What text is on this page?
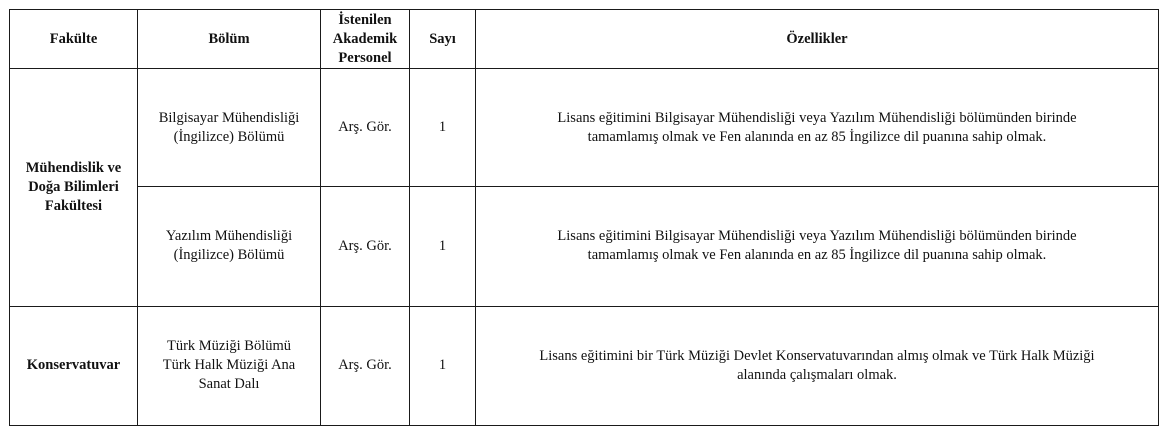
Fakülte	Bölüm	İstenilen
Akademik
Personel	Sayı	Özellikler

Mühendislik ve
Doğa Bilimleri
Fakültesi	Bilgisayar Mühendisliği
(İngilizce) Bölümü	Arş. Gör.	1	Lisans eğitimini Bilgisayar Mühendisliği veya Yazılım Mühendisliği bölümünden birinde
tamamlamış olmak ve Fen alanında en az 85 İngilizce dil puanına sahip olmak.

	Yazılım Mühendisliği
(İngilizce) Bölümü	Arş. Gör.	1	Lisans eğitimini Bilgisayar Mühendisliği veya Yazılım Mühendisliği bölümünden birinde
tamamlamış olmak ve Fen alanında en az 85 İngilizce dil puanına sahip olmak.

Konservatuvar	Türk Müziği Bölümü
Türk Halk Müziği Ana
Sanat Dalı	Arş. Gör.	1	Lisans eğitimini bir Türk Müziği Devlet Konservatuvarından almış olmak ve Türk Halk Müziği
alanında çalışmaları olmak.
